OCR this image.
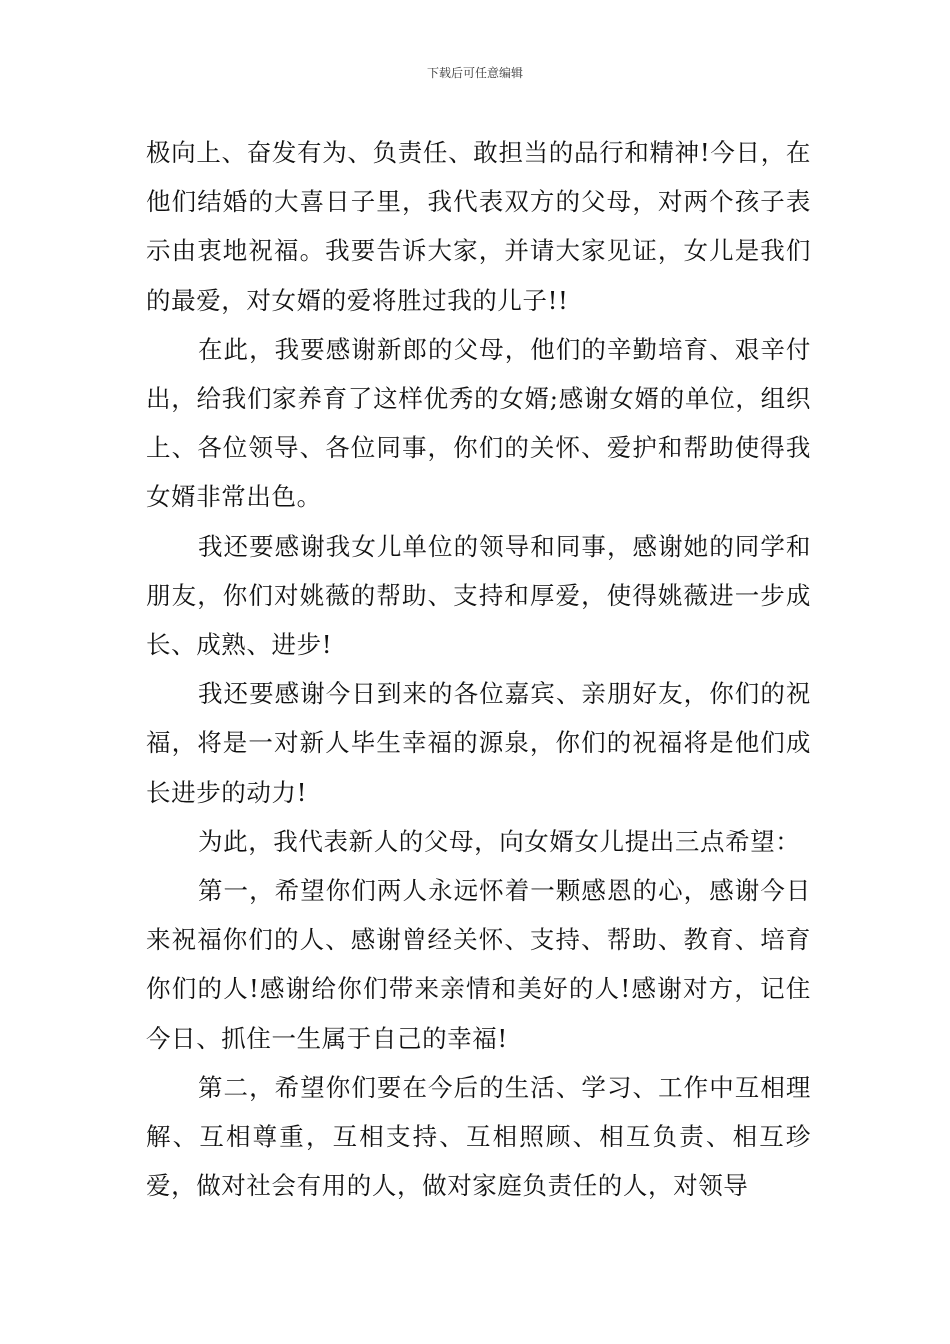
下载后可任意编辑

极向上、奋发有为、负责任、敢担当的品行和精神!今日，在他们结婚的大喜日子里，我代表双方的父母，对两个孩子表示由衷地祝福。我要告诉大家，并请大家见证，女儿是我们的最爱，对女婿的爱将胜过我的儿子!!

在此，我要感谢新郎的父母，他们的辛勤培育、艰辛付出，给我们家养育了这样优秀的女婿;感谢女婿的单位，组织上、各位领导、各位同事，你们的关怀、爱护和帮助使得我女婿非常出色。

我还要感谢我女儿单位的领导和同事，感谢她的同学和朋友，你们对姚薇的帮助、支持和厚爱，使得姚薇进一步成长、成熟、进步!

我还要感谢今日到来的各位嘉宾、亲朋好友，你们的祝福，将是一对新人毕生幸福的源泉，你们的祝福将是他们成长进步的动力!

为此，我代表新人的父母，向女婿女儿提出三点希望：

第一，希望你们两人永远怀着一颗感恩的心，感谢今日来祝福你们的人、感谢曾经关怀、支持、帮助、教育、培育你们的人!感谢给你们带来亲情和美好的人!感谢对方，记住今日、抓住一生属于自己的幸福!

第二，希望你们要在今后的生活、学习、工作中互相理解、互相尊重，互相支持、互相照顾、相互负责、相互珍爱，做对社会有用的人，做对家庭负责任的人，对领导
